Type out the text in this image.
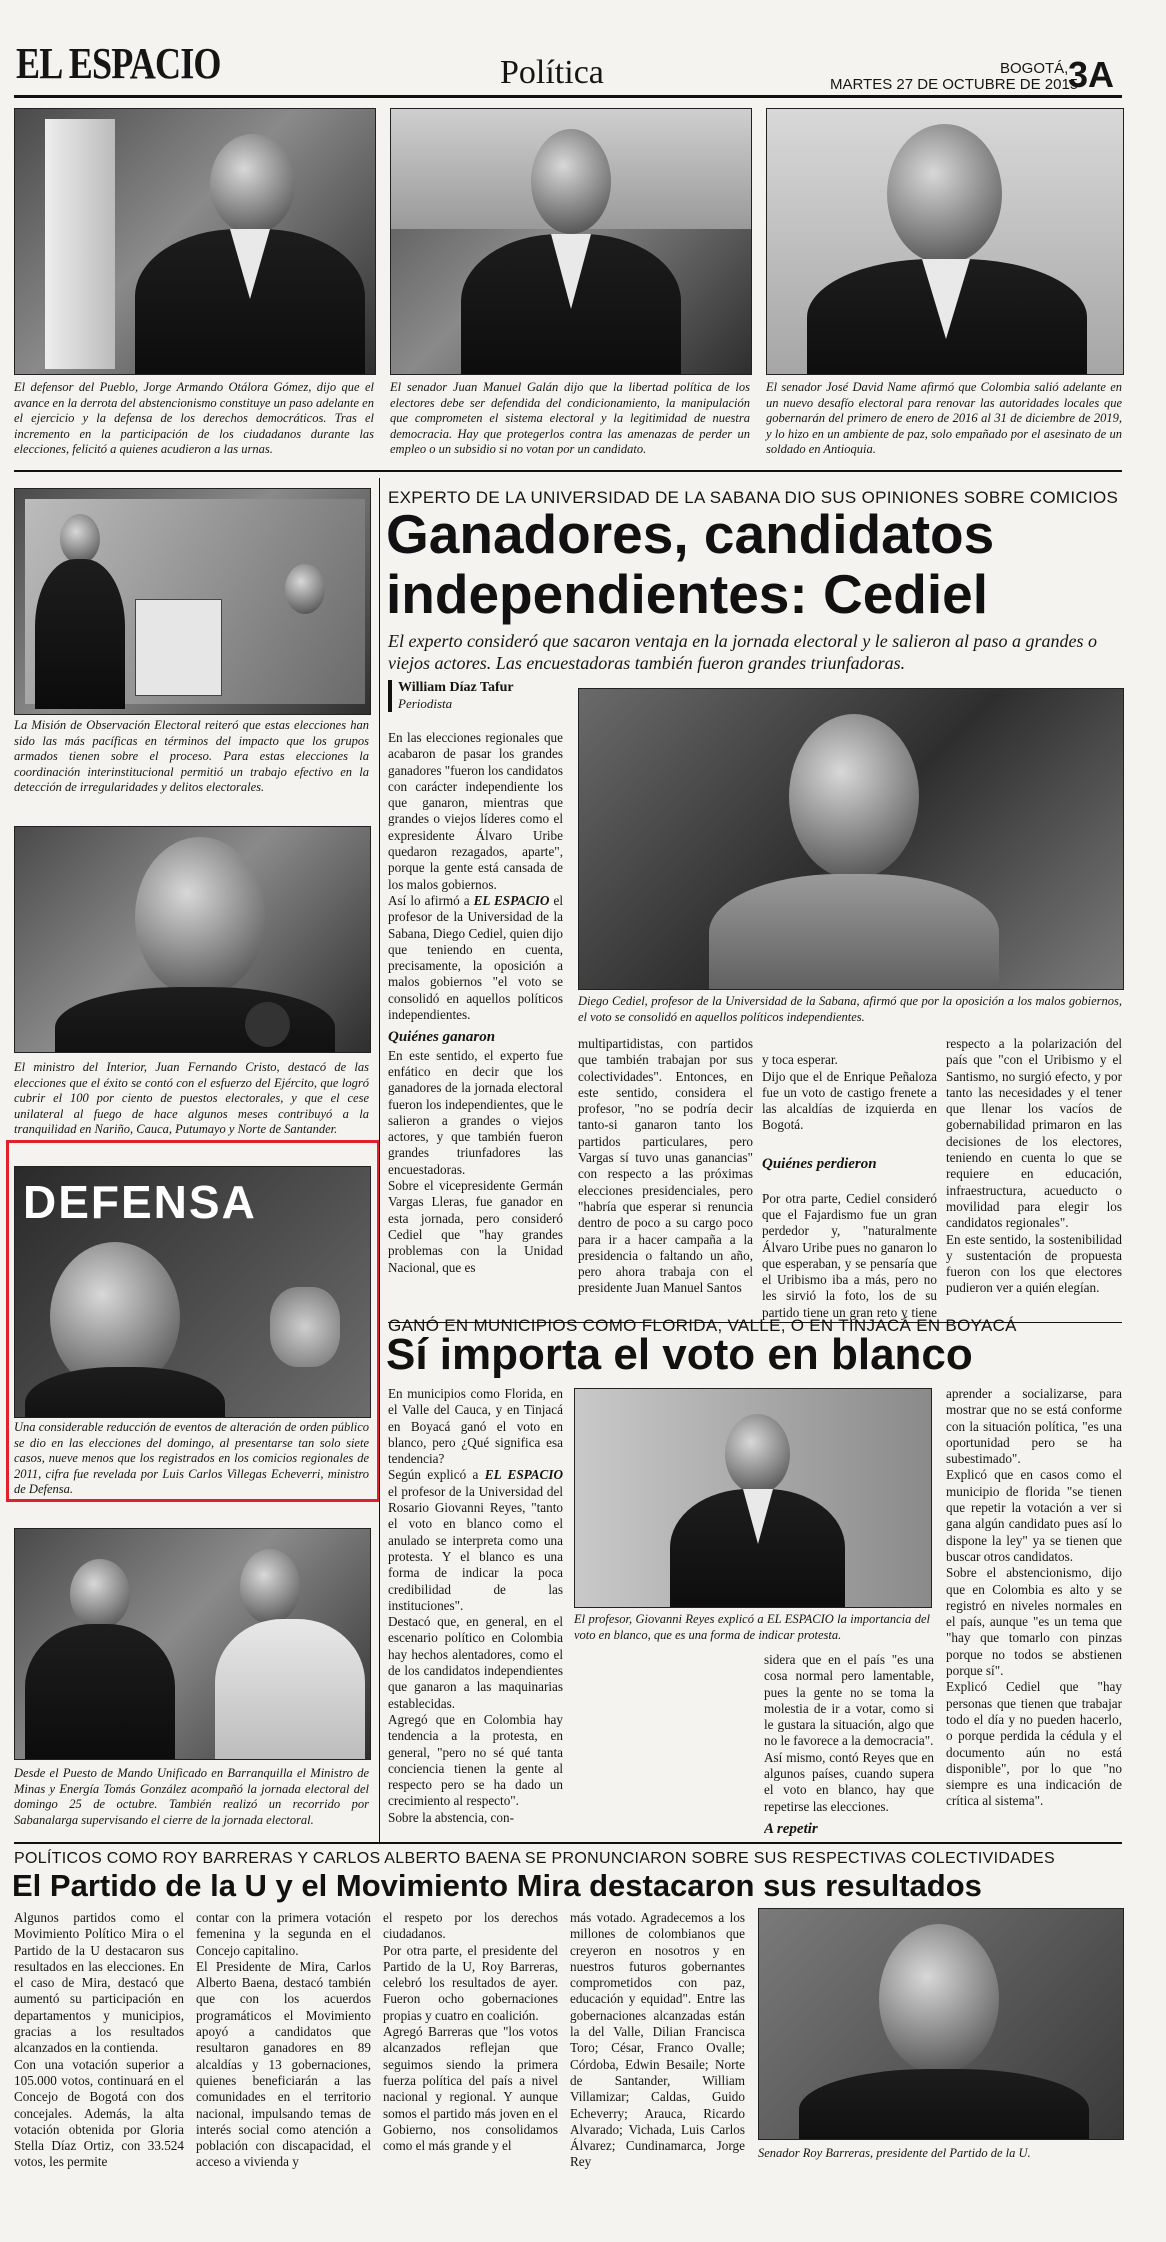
EL ESPACIO	Política	BOGOTÁ,
MARTES 27 DE OCTUBRE DE 2015
3A
El defensor del Pueblo, Jorge Armando Otálora Gómez, dijo que el avance en la derrota del abstencionismo constituye un paso adelante en el ejercicio y la defensa de los derechos democráticos. Tras el incremento en la participación de los ciudadanos durante las elecciones, felicitó a quienes acudieron a las urnas.
El senador Juan Manuel Galán dijo que la libertad política de los electores debe ser defendida del condicionamiento, la manipulación que comprometen el sistema electoral y la legitimidad de nuestra democracia. Hay que protegerlos contra las amenazas de perder un empleo o un subsidio si no votan por un candidato.
El senador José David Name afirmó que Colombia salió adelante en un nuevo desafío electoral para renovar las autoridades locales que gobernarán del primero de enero de 2016 al 31 de diciembre de 2019, y lo hizo en un ambiente de paz, solo empañado por el asesinato de un soldado en Antioquia.
La Misión de Observación Electoral reiteró que estas elecciones han sido las más pacíficas en términos del impacto que los grupos armados tienen sobre el proceso. Para estas elecciones la coordinación interinstitucional permitió un trabajo efectivo en la detección de irregularidades y delitos electorales.
El ministro del Interior, Juan Fernando Cristo, destacó de las elecciones que el éxito se contó con el esfuerzo del Ejército, que logró cubrir el 100 por ciento de puestos electorales, y que el cese unilateral al fuego de hace algunos meses contribuyó a la tranquilidad en Nariño, Cauca, Putumayo y Norte de Santander.
DEFENSA
Una considerable reducción de eventos de alteración de orden público se dio en las elecciones del domingo, al presentarse tan solo siete casos, nueve menos que los registrados en los comicios regionales de 2011, cifra fue revelada por Luis Carlos Villegas Echeverri, ministro de Defensa.
Desde el Puesto de Mando Unificado en Barranquilla el Ministro de Minas y Energía Tomás González acompañó la jornada electoral del domingo 25 de octubre. También realizó un recorrido por Sabanalarga supervisando el cierre de la jornada electoral.
EXPERTO DE LA UNIVERSIDAD DE LA SABANA DIO SUS OPINIONES SOBRE COMICIOS
Ganadores, candidatos
independientes: Cediel
El experto consideró que sacaron ventaja en la jornada electoral y le salieron al paso a grandes o viejos actores. Las encuestadoras también fueron grandes triunfadoras.
William Díaz Tafur
Periodista
Diego Cediel, profesor de la Universidad de la Sabana, afirmó que por la oposición a los malos gobiernos, el voto se consolidó en aquellos políticos independientes.

En las elecciones regionales que acabaron de pasar los grandes ganadores "fueron los candidatos con carácter independiente los que ganaron, mientras que grandes o viejos líderes como el expresidente Álvaro Uribe quedaron rezagados, aparte", porque la gente está cansada de los malos gobiernos.

Así lo afirmó a EL ESPACIO el profesor de la Universidad de la Sabana, Diego Cediel, quien dijo que teniendo en cuenta, precisamente, la oposición a malos gobiernos "el voto se consolidó en aquellos políticos independientes.

Quiénes ganaron

En este sentido, el experto fue enfático en decir que los ganadores de la jornada electoral fueron los independientes, que le salieron a grandes o viejos actores, y que también fueron grandes triunfadores las encuestadoras.

Sobre el vicepresidente Germán Vargas Lleras, fue ganador en esta jornada, pero consideró Cediel que "hay grandes problemas con la Unidad Nacional, que es

multipartidistas, con partidos que también trabajan por sus colectividades". Entonces, en este sentido, considera el profesor, "no se podría decir tanto-si ganaron tanto los partidos particulares, pero Vargas sí tuvo unas ganancias" con respecto a las próximas elecciones presidenciales, pero "habría que esperar si renuncia dentro de poco a su cargo poco para ir a hacer campaña a la presidencia o faltando un año, pero ahora trabaja con el presidente Juan Manuel Santos

y toca esperar.
Dijo que el de Enrique Peñaloza fue un voto de castigo frenete a las alcaldías de izquierda en Bogotá.

Quiénes perdieron

Por otra parte, Cediel consideró que el Fajardismo fue un gran perdedor y, "naturalmente Álvaro Uribe pues no ganaron lo que esperaban, y se pensaría que el Uribismo iba a más, pero no les sirvió la foto, los de su partido tiene un gran reto y tiene

respecto a la polarización del país que "con el Uribismo y el Santismo, no surgió efecto, y por tanto las necesidades y el tener que llenar los vacíos de gobernabilidad primaron en las decisiones de los electores, teniendo en cuenta lo que se requiere en educación, infraestructura, acueducto o movilidad para elegir los candidatos regionales".
En este sentido, la sostenibilidad y sustentación de propuesta fueron con los que electores pudieron ver a quién elegían.
GANÓ EN MUNICIPIOS COMO FLORIDA, VALLE, O EN TINJACÁ EN BOYACÁ
Sí importa el voto en blanco

En municipios como Florida, en el Valle del Cauca, y en Tinjacá en Boyacá ganó el voto en blanco, pero ¿Qué significa esa tendencia?

Según explicó a EL ESPACIO el profesor de la Universidad del Rosario Giovanni Reyes, "tanto el voto en blanco como el anulado se interpreta como una protesta. Y el blanco es una forma de indicar la poca credibilidad de las instituciones".

Destacó que, en general, en el escenario político en Colombia hay hechos alentadores, como el de los candidatos independientes que ganaron a las maquinarias establecidas.

Agregó que en Colombia hay tendencia a la protesta, en general, "pero no sé qué tanta conciencia tienen la gente al respecto pero se ha dado un crecimiento al respecto".

Sobre la abstencia, con-

El profesor, Giovanni Reyes explicó a EL ESPACIO la importancia del voto en blanco, que es una forma de indicar protesta.

sidera que en el país "es una cosa normal pero lamentable, pues la gente no se toma la molestia de ir a votar, como si le gustara la situación, algo que no le favorece a la democracia".

Así mismo, contó Reyes que en algunos países, cuando supera el voto en blanco, hay que repetirse las elecciones.

A repetir

aprender a socializarse, para mostrar que no se está conforme con la situación política, "es una oportunidad pero se ha subestimado".
Explicó que en casos como el municipio de florida "se tienen que repetir la votación a ver si gana algún candidato pues así lo dispone la ley" ya se tienen que buscar otros candidatos.
Sobre el abstencionismo, dijo que en Colombia es alto y se registró en niveles normales en el país, aunque "es un tema que "hay que tomarlo con pinzas porque no todos se abstienen porque sí".
Explicó Cediel que "hay personas que tienen que trabajar todo el día y no pueden hacerlo, o porque perdida la cédula y el documento aún no está disponible", por lo que "no siempre es una indicación de crítica al sistema".
POLÍTICOS COMO ROY BARRERAS Y CARLOS ALBERTO BAENA SE PRONUNCIARON SOBRE SUS RESPECTIVAS COLECTIVIDADES
El Partido de la U y el Movimiento Mira destacaron sus resultados
Algunos partidos como el Movimiento Político Mira o el Partido de la U destacaron sus resultados en las elecciones. En el caso de Mira, destacó que aumentó su participación en departamentos y municipios, gracias a los resultados alcanzados en la contienda.
Con una votación superior a 105.000 votos, continuará en el Concejo de Bogotá con dos concejales. Además, la alta votación obtenida por Gloria Stella Díaz Ortiz, con 33.524 votos, les permite
contar con la primera votación femenina y la segunda en el Concejo capitalino.
El Presidente de Mira, Carlos Alberto Baena, destacó también que con los acuerdos programáticos el Movimiento apoyó a candidatos que resultaron ganadores en 89 alcaldías y 13 gobernaciones, quienes beneficiarán a las comunidades en el territorio nacional, impulsando temas de interés social como atención a población con discapacidad, el acceso a vivienda y
el respeto por los derechos ciudadanos.
Por otra parte, el presidente del Partido de la U, Roy Barreras, celebró los resultados de ayer. Fueron ocho gobernaciones propias y cuatro en coalición.
Agregó Barreras que "los votos alcanzados reflejan que seguimos siendo la primera fuerza política del país a nivel nacional y regional. Y aunque somos el partido más joven en el Gobierno, nos consolidamos como el más grande y el
más votado. Agradecemos a los millones de colombianos que creyeron en nosotros y en nuestros futuros gobernantes comprometidos con paz, educación y equidad". Entre las gobernaciones alcanzadas están la del Valle, Dilian Francisca Toro; César, Franco Ovalle; Córdoba, Edwin Besaile; Norte de Santander, William Villamizar; Caldas, Guido Echeverry; Arauca, Ricardo Alvarado; Vichada, Luis Carlos Álvarez; Cundinamarca, Jorge Rey
Senador Roy Barreras, presidente del Partido de la U.
